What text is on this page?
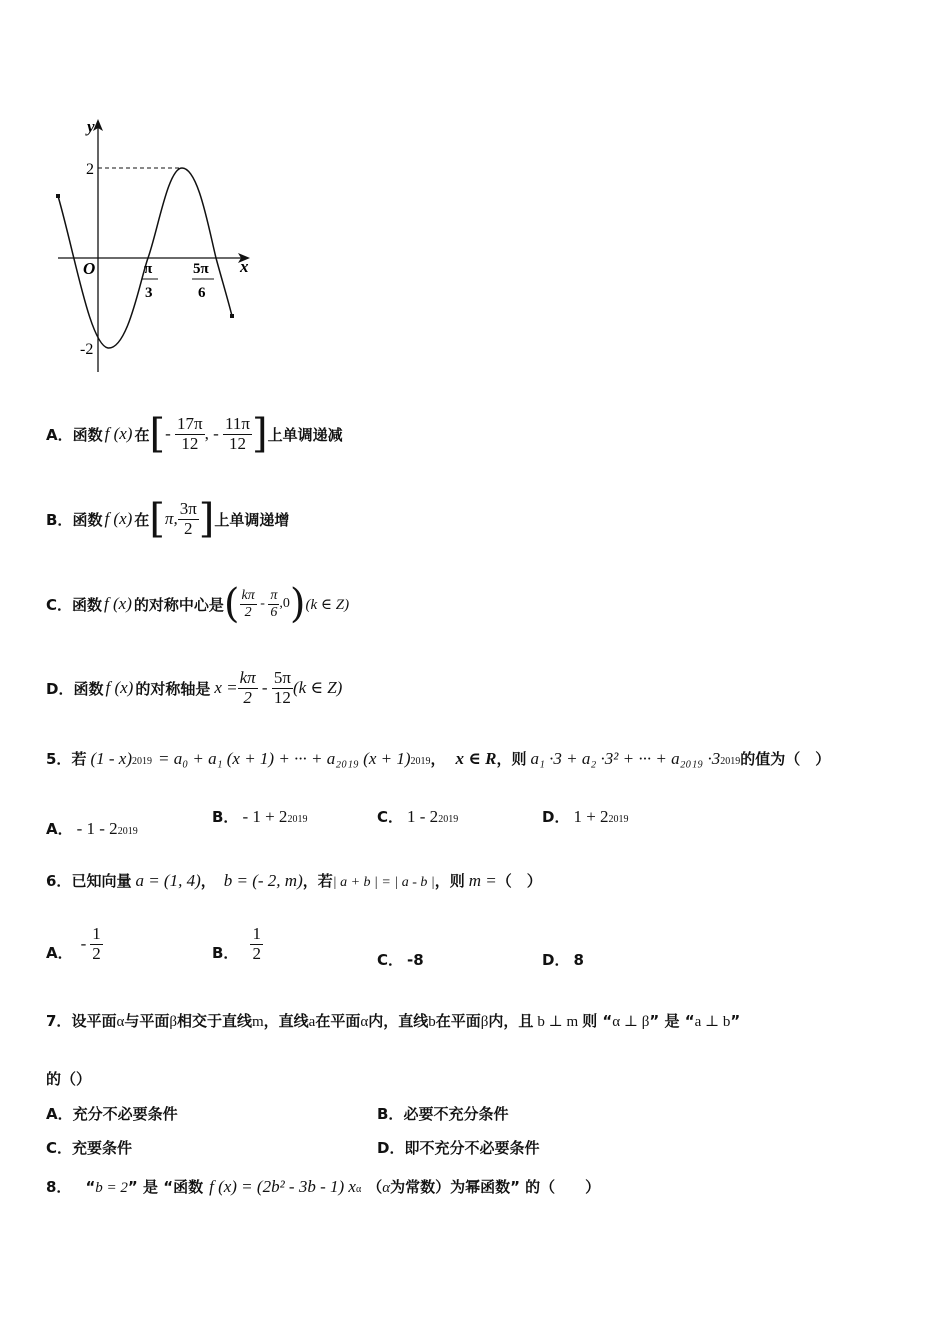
y
x
O
2
-2
π
3
5π
6
A． 函数 f (x) 在 [ - $\frac{17\pi}{12}$ , - $\frac{11\pi}{12}$ ] 上单调递减
B． 函数 f (x) 在 [ π, $\frac{3\pi}{2}$ ] 上单调递增
C． 函数 f (x) 的对称中心是 ( $\frac{k\pi}{2} - \frac{\pi}{6} ,0$ ) (k ∈ Z)
D． 函数 f (x) 的对称轴是 $x = \frac{k\pi}{2} - \frac{5\pi}{12} (k$ ∈ Z)
5． 若 (1 - x) 2019 = a₀ + a₁ (x + 1) + ··· + a₂₀₁₉ (x + 1) 2019 ， x ∈ R ，则 a₁ ·3 + a₂ ·3² + ··· + a₂₀₁₉ ·3 2019 的值为（　）
A． - 1 - 2 2019
B． - 1 + 2 2019	C． 1 - 2 2019	D． 1 + 2 2019
6． 已知向量 a = (1, 4) ， b = (- 2, m) ，若 | a + b | = | a - b | ，则 m = （　）
A． - $\frac{1}{2}$	B． $\frac{1}{2}$	C． -8	D． 8
7． 设平面 α 与平面 β 相交于直线 m ，直线 a 在平面 α 内，直线 b 在平面 β 内，且 b ⊥ m 则 “ α ⊥ β ” 是 “ a ⊥ b ”
的（）
A．充分不必要条件	B．必要不充分条件
C．充要条件	D．即不充分不必要条件
8． “ b = 2 ” 是 “函数 f (x) = (2b² - 3b - 1) x α （ α 为常数）为幂函数” 的（　　）
